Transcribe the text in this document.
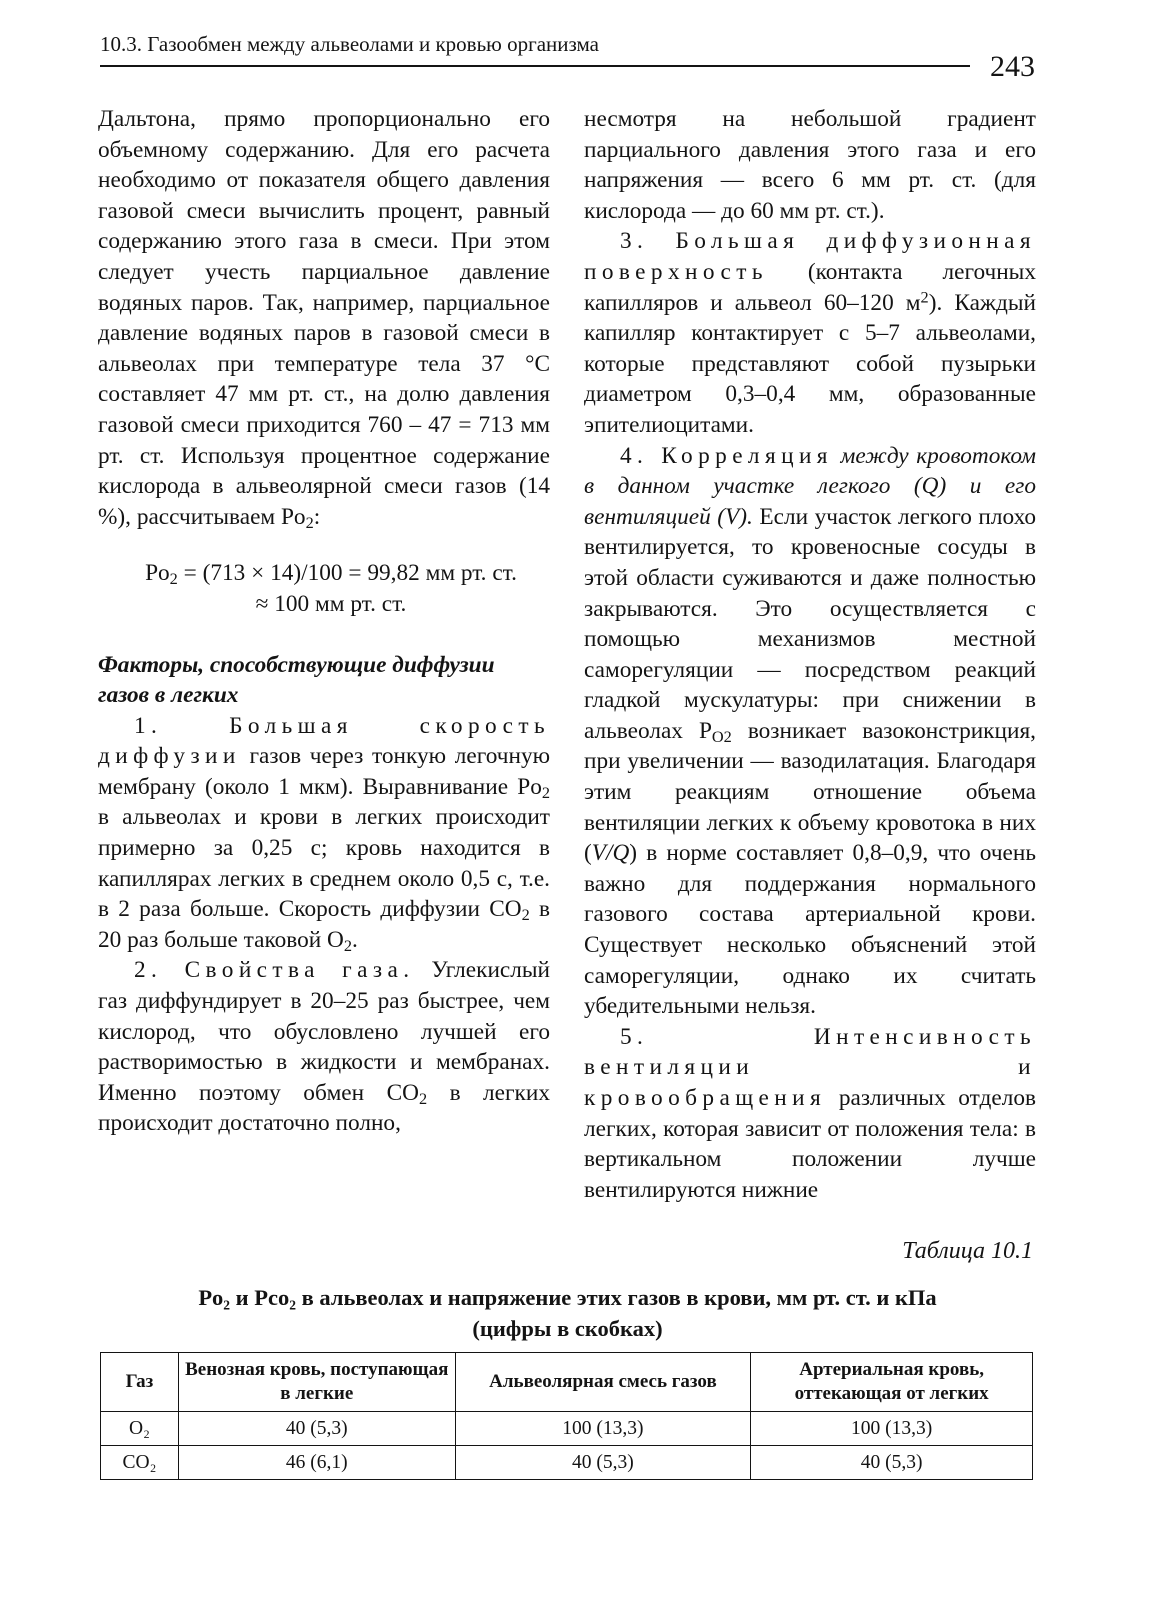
10.3. Газообмен между альвеолами и кровью организма
243

Дальтона, прямо пропорционально его объемному содержанию. Для его расчета необходимо от показателя общего давления газовой смеси вычислить процент, равный содержанию этого газа в смеси. При этом следует учесть парциальное давление водяных паров. Так, например, парциальное давление водяных паров в газовой смеси в альвеолах при температуре тела 37 °С составляет 47 мм рт. ст., на долю давления газовой смеси приходится 760 – 47 = 713 мм рт. ст. Используя процентное содержание кислорода в альвеолярной смеси газов (14 %), рассчитываем $Po_2$:

$Po_2 = (713 \times 14)/100 = 99,82$ мм рт. ст.
≈ 100 мм рт. ст.

Факторы, способствующие диффузии газов в легких

1. Большая скорость диффузии газов через тонкую легочную мембрану (около 1 мкм). Выравнивание $Po_2$ в альвеолах и крови в легких происходит примерно за 0,25 с; кровь находится в капиллярах легких в среднем около 0,5 с, т.е. в 2 раза больше. Скорость диффузии $CO_2$ в 20 раз больше таковой $O_2$.

2. Свойства газа. Углекислый газ диффундирует в 20–25 раз быстрее, чем кислород, что обусловлено лучшей его растворимостью в жидкости и мембранах. Именно поэтому обмен $CO_2$ в легких происходит достаточно полно,

несмотря на небольшой градиент парциального давления этого газа и его напряжения — всего 6 мм рт. ст. (для кислорода — до 60 мм рт. ст.).

3. Большая диффузионная поверхность (контакта легочных капилляров и альвеол 60–120 $м^2$). Каждый капилляр контактирует с 5–7 альвеолами, которые представляют собой пузырьки диаметром 0,3–0,4 мм, образованные эпителиоцитами.

4. Корреляция между кровотоком в данном участке легкого (Q) и его вентиляцией (V). Если участок легкого плохо вентилируется, то кровеносные сосуды в этой области суживаются и даже полностью закрываются. Это осуществляется с помощью механизмов местной саморегуляции — посредством реакций гладкой мускулатуры: при снижении в альвеолах $P_{O2}$ возникает вазоконстрикция, при увеличении — вазодилатация. Благодаря этим реакциям отношение объема вентиляции легких к объему кровотока в них (V/Q) в норме составляет 0,8–0,9, что очень важно для поддержания нормального газового состава артериальной крови. Существует несколько объяснений этой саморегуляции, однако их считать убедительными нельзя.

5. Интенсивность вентиляции и кровообращения различных отделов легких, которая зависит от положения тела: в вертикальном положении лучше вентилируются нижние

Таблица 10.1
Po₂ и Pco₂ в альвеолах и напряжение этих газов в крови, мм рт. ст. и кПа
(цифры в скобках)
Газ	Венозная кровь, поступающая в легкие	Альвеолярная смесь газов	Артериальная кровь, оттекающая от легких
O₂	40 (5,3)	100 (13,3)	100 (13,3)
CO₂	46 (6,1)	40 (5,3)	40 (5,3)
